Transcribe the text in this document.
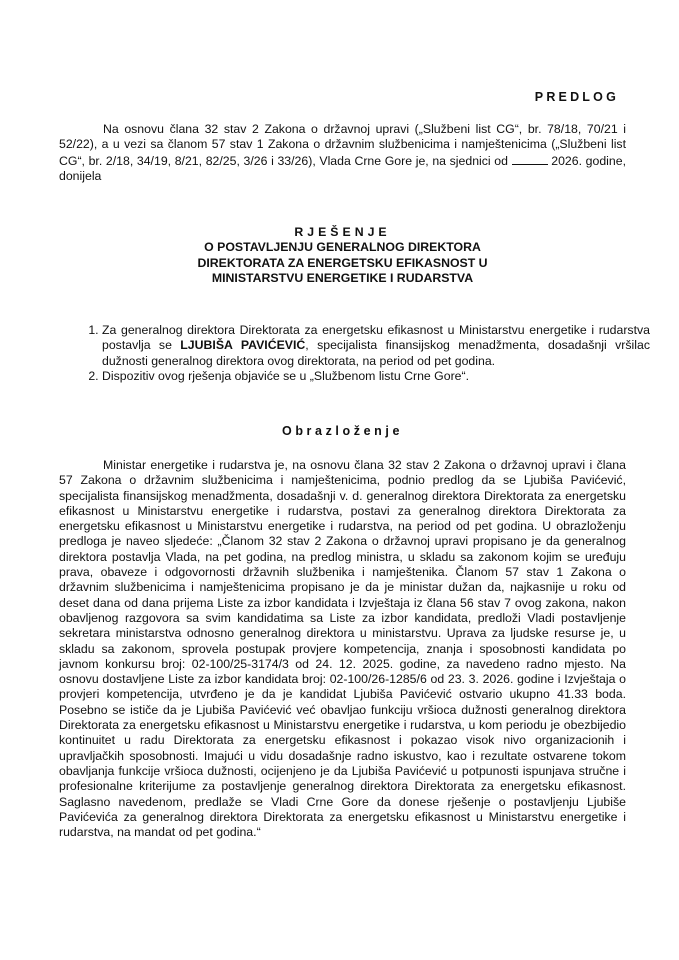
PREDLOG

Na osnovu člana 32 stav 2 Zakona o državnoj upravi („Službeni list CG“, br. 78/18, 70/21 i 52/22), a u vezi sa članom 57 stav 1 Zakona o državnim službenicima i namještenicima („Službeni list CG“, br. 2/18, 34/19, 8/21, 82/25, 3/26 i 33/26), Vlada Crne Gore je, na sjednici od	2026. godine, donijela

RJEŠENJE
O POSTAVLJENJU GENERALNOG DIREKTORA
DIREKTORATA ZA ENERGETSKU EFIKASNOST U
MINISTARSTVU ENERGETIKE I RUDARSTVA
1. Za generalnog direktora Direktorata za energetsku efikasnost u Ministarstvu energetike i rudarstva postavlja se LJUBIŠA PAVIĆEVIĆ, specijalista finansijskog menadžmenta, dosadašnji vršilac dužnosti generalnog direktora ovog direktorata, na period od pet godina.
2. Dispozitiv ovog rješenja objaviće se u „Službenom listu Crne Gore“.
Obrazloženje

Ministar energetike i rudarstva je, na osnovu člana 32 stav 2 Zakona o državnoj upravi i člana 57 Zakona o državnim službenicima i namještenicima, podnio predlog da se Ljubiša Pavićević, specijalista finansijskog menadžmenta, dosadašnji v. d. generalnog direktora Direktorata za energetsku efikasnost u Ministarstvu energetike i rudarstva, postavi za generalnog direktora Direktorata za energetsku efikasnost u Ministarstvu energetike i rudarstva, na period od pet godina. U obrazloženju predloga je naveo sljedeće: „Članom 32 stav 2 Zakona o državnoj upravi propisano je da generalnog direktora postavlja Vlada, na pet godina, na predlog ministra, u skladu sa zakonom kojim se uređuju prava, obaveze i odgovornosti državnih službenika i namještenika. Članom 57 stav 1 Zakona o državnim službenicima i namještenicima propisano je da je ministar dužan da, najkasnije u roku od deset dana od dana prijema Liste za izbor kandidata i Izvještaja iz člana 56 stav 7 ovog zakona, nakon obavljenog razgovora sa svim kandidatima sa Liste za izbor kandidata, predloži Vladi postavljenje sekretara ministarstva odnosno generalnog direktora u ministarstvu. Uprava za ljudske resurse je, u skladu sa zakonom, sprovela postupak provjere kompetencija, znanja i sposobnosti kandidata po javnom konkursu broj: 02-100/25-3174/3 od 24. 12. 2025. godine, za navedeno radno mjesto. Na osnovu dostavljene Liste za izbor kandidata broj: 02-100/26-1285/6 od 23. 3. 2026. godine i Izvještaja o provjeri kompetencija, utvrđeno je da je kandidat Ljubiša Pavićević ostvario ukupno 41.33 boda. Posebno se ističe da je Ljubiša Pavićević već obavljao funkciju vršioca dužnosti generalnog direktora Direktorata za energetsku efikasnost u Ministarstvu energetike i rudarstva, u kom periodu je obezbijedio kontinuitet u radu Direktorata za energetsku efikasnost i pokazao visok nivo organizacionih i upravljačkih sposobnosti. Imajući u vidu dosadašnje radno iskustvo, kao i rezultate ostvarene tokom obavljanja funkcije vršioca dužnosti, ocijenjeno je da Ljubiša Pavićević u potpunosti ispunjava stručne i profesionalne kriterijume za postavljenje generalnog direktora Direktorata za energetsku efikasnost. Saglasno navedenom, predlaže se Vladi Crne Gore da donese rješenje o postavljenju Ljubiše Pavićevića za generalnog direktora Direktorata za energetsku efikasnost u Ministarstvu energetike i rudarstva, na mandat od pet godina.“
